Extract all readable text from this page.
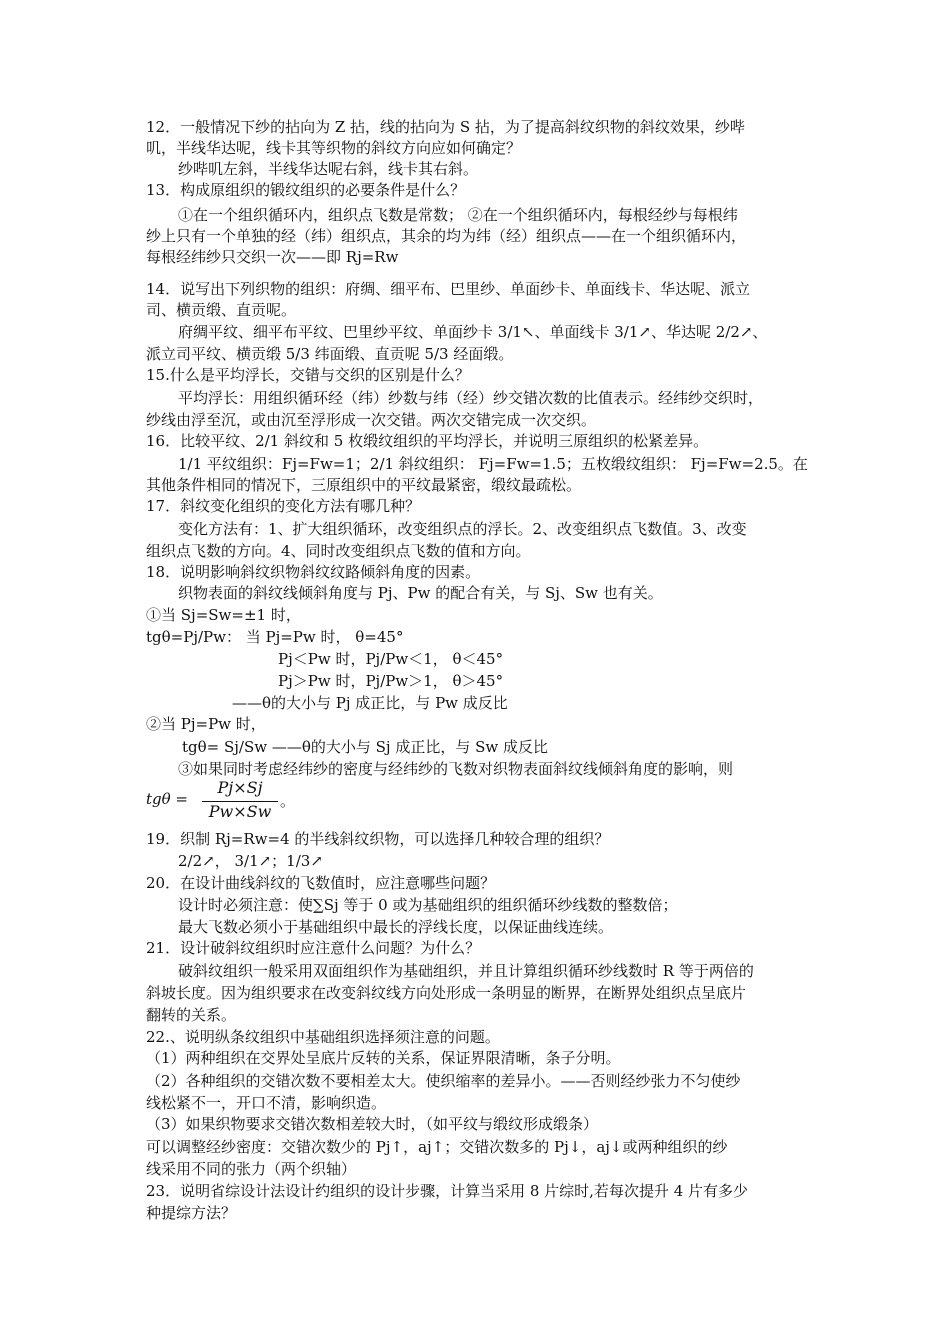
12．一般情况下纱的拈向为 Z 拈，线的拈向为 S 拈，为了提高斜纹织物的斜纹效果，纱哔
叽，半线华达呢，线卡其等织物的斜纹方向应如何确定？
纱哔叽左斜，半线华达呢右斜，线卡其右斜。
13．构成原组织的锻纹组织的必要条件是什么？
①在一个组织循环内，组织点飞数是常数； ②在一个组织循环内，每根经纱与每根纬
纱上只有一个单独的经（纬）组织点，其余的均为纬（经）组织点——在一个组织循环内，
每根经纬纱只交织一次——即 Rj=Rw
14．说写出下列织物的组织：府绸、细平布、巴里纱、单面纱卡、单面线卡、华达呢、派立
司、横贡缎、直贡呢。
府绸平纹、细平布平纹、巴里纱平纹、单面纱卡 3/1↖、单面线卡 3/1↗、华达呢 2/2↗、
派立司平纹、横贡缎 5/3 纬面缎、直贡呢 5/3 经面缎。
15.什么是平均浮长，交错与交织的区别是什么？
平均浮长：用组织循环经（纬）纱数与纬（经）纱交错次数的比值表示。经纬纱交织时，
纱线由浮至沉，或由沉至浮形成一次交错。两次交错完成一次交织。
16．比较平纹、2/1 斜纹和 5 枚缎纹组织的平均浮长，并说明三原组织的松紧差异。
1/1 平纹组织：Fj=Fw=1；2/1 斜纹组织： Fj=Fw=1.5；五枚缎纹组织： Fj=Fw=2.5。在
其他条件相同的情况下，三原组织中的平纹最紧密，缎纹最疏松。
17．斜纹变化组织的变化方法有哪几种？
变化方法有：1、扩大组织循环，改变组织点的浮长。2、改变组织点飞数值。3、改变
组织点飞数的方向。4、同时改变组织点飞数的值和方向。
18．说明影响斜纹织物斜纹纹路倾斜角度的因素。
织物表面的斜纹线倾斜角度与 Pj、Pw 的配合有关，与 Sj、Sw 也有关。
①当 Sj=Sw=±1 时，
tgθ=Pj/Pw： 当 Pj=Pw 时， θ=45°
Pj＜Pw 时，Pj/Pw＜1， θ＜45°
Pj＞Pw 时，Pj/Pw＞1， θ＞45°
——θ的大小与 Pj 成正比，与 Pw 成反比
②当 Pj=Pw 时，
tgθ= Sj/Sw ——θ的大小与 Sj 成正比，与 Sw 成反比
③如果同时考虑经纬纱的密度与经纬纱的飞数对织物表面斜纹线倾斜角度的影响，则
19．织制 Rj=Rw=4 的半线斜纹织物，可以选择几种较合理的组织？
2/2↗， 3/1↗；1/3↗
20．在设计曲线斜纹的飞数值时，应注意哪些问题？
设计时必须注意：使∑Sj 等于 0 或为基础组织的组织循环纱线数的整数倍；
最大飞数必须小于基础组织中最长的浮线长度，以保证曲线连续。
21．设计破斜纹组织时应注意什么问题？为什么？
破斜纹组织一般采用双面组织作为基础组织，并且计算组织循环纱线数时 R 等于两倍的
斜坡长度。因为组织要求在改变斜纹线方向处形成一条明显的断界，在断界处组织点呈底片
翻转的关系。
22.、说明纵条纹组织中基础组织选择须注意的问题。
（1）两种组织在交界处呈底片反转的关系，保证界限清晰，条子分明。
（2）各种组织的交错次数不要相差太大。使织缩率的差异小。——否则经纱张力不匀使纱
线松紧不一，开口不清，影响织造。
（3）如果织物要求交错次数相差较大时，（如平纹与缎纹形成缎条）
可以调整经纱密度：交错次数少的 Pj↑，aj↑；交错次数多的 Pj↓，aj↓或两种组织的纱
线采用不同的张力（两个织轴）
23．说明省综设计法设计约组织的设计步骤，计算当采用 8 片综时,若每次提升 4 片有多少
种提综方法？
tgθ =
Pj×Sj
Pw×Sw
。
